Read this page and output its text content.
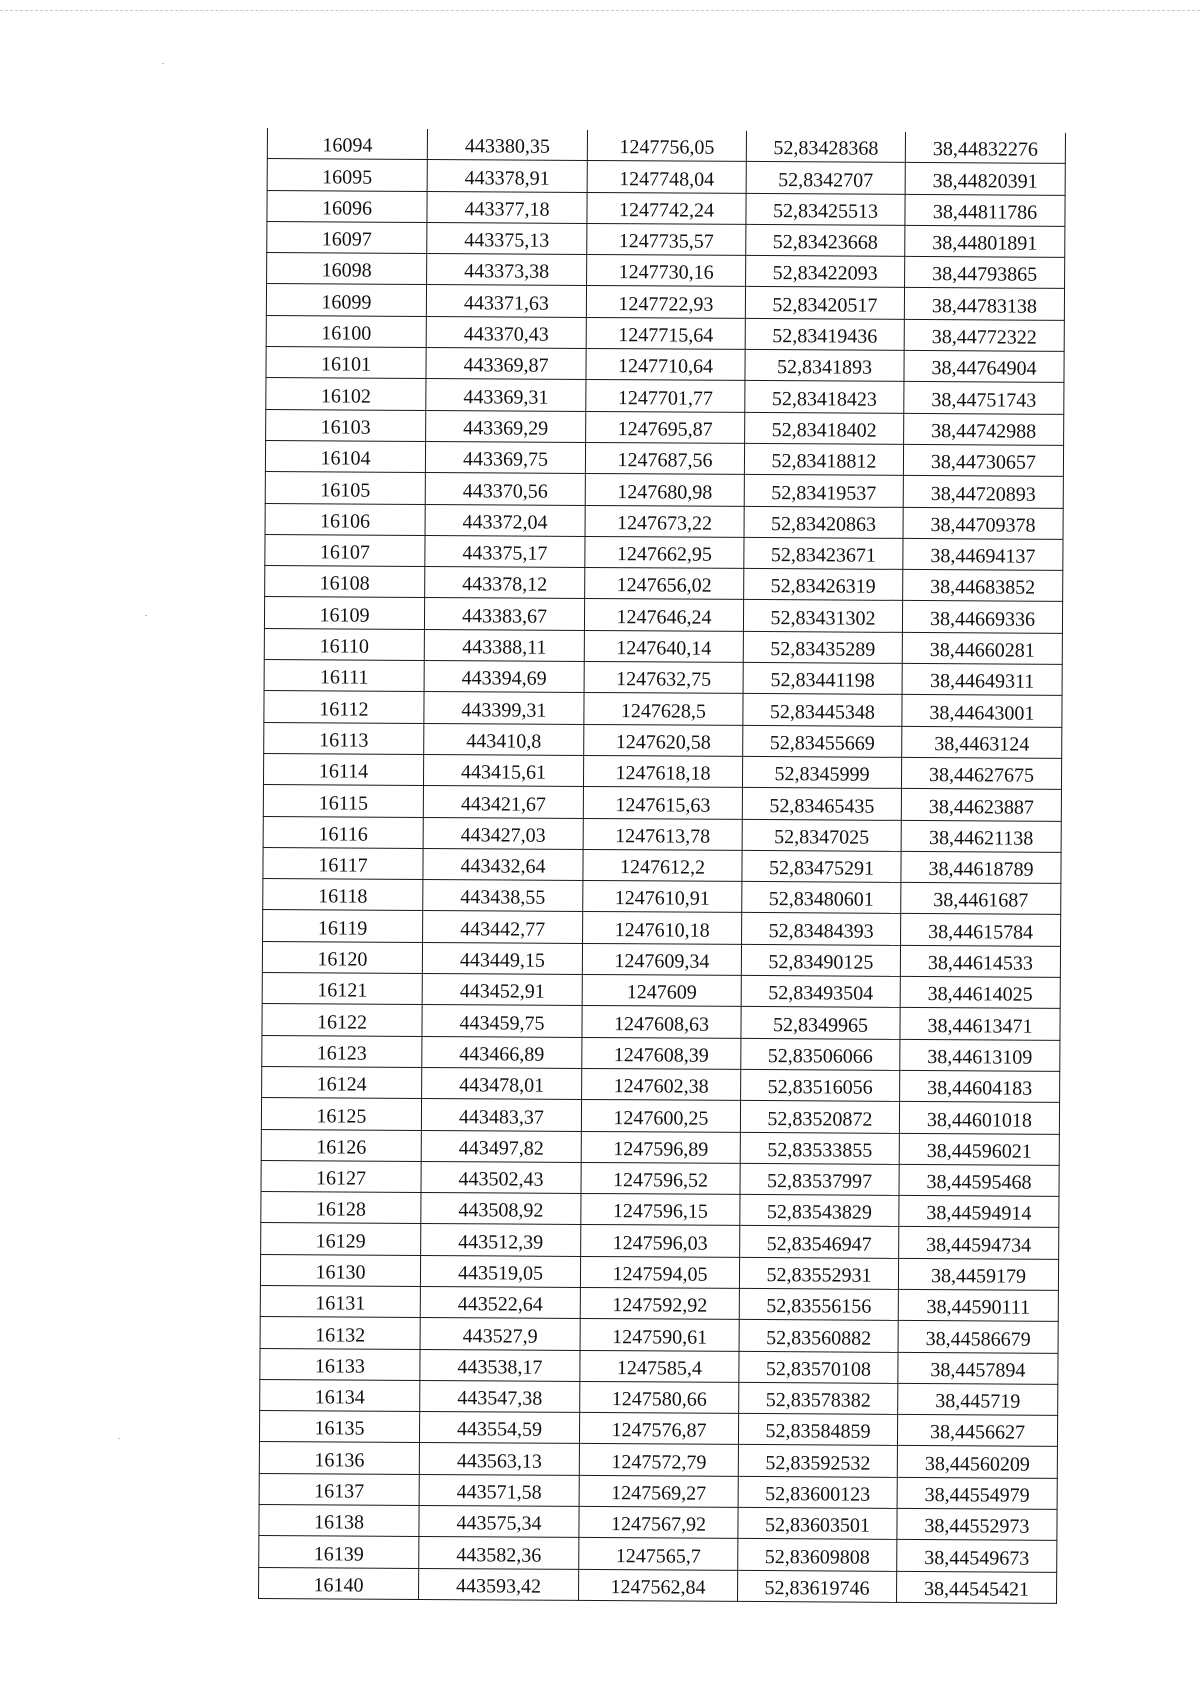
16094	443380,35	1247756,05	52,83428368	38,44832276
16095	443378,91	1247748,04	52,8342707	38,44820391
16096	443377,18	1247742,24	52,83425513	38,44811786
16097	443375,13	1247735,57	52,83423668	38,44801891
16098	443373,38	1247730,16	52,83422093	38,44793865
16099	443371,63	1247722,93	52,83420517	38,44783138
16100	443370,43	1247715,64	52,83419436	38,44772322
16101	443369,87	1247710,64	52,8341893	38,44764904
16102	443369,31	1247701,77	52,83418423	38,44751743
16103	443369,29	1247695,87	52,83418402	38,44742988
16104	443369,75	1247687,56	52,83418812	38,44730657
16105	443370,56	1247680,98	52,83419537	38,44720893
16106	443372,04	1247673,22	52,83420863	38,44709378
16107	443375,17	1247662,95	52,83423671	38,44694137
16108	443378,12	1247656,02	52,83426319	38,44683852
16109	443383,67	1247646,24	52,83431302	38,44669336
16110	443388,11	1247640,14	52,83435289	38,44660281
16111	443394,69	1247632,75	52,83441198	38,44649311
16112	443399,31	1247628,5	52,83445348	38,44643001
16113	443410,8	1247620,58	52,83455669	38,4463124
16114	443415,61	1247618,18	52,8345999	38,44627675
16115	443421,67	1247615,63	52,83465435	38,44623887
16116	443427,03	1247613,78	52,8347025	38,44621138
16117	443432,64	1247612,2	52,83475291	38,44618789
16118	443438,55	1247610,91	52,83480601	38,4461687
16119	443442,77	1247610,18	52,83484393	38,44615784
16120	443449,15	1247609,34	52,83490125	38,44614533
16121	443452,91	1247609	52,83493504	38,44614025
16122	443459,75	1247608,63	52,8349965	38,44613471
16123	443466,89	1247608,39	52,83506066	38,44613109
16124	443478,01	1247602,38	52,83516056	38,44604183
16125	443483,37	1247600,25	52,83520872	38,44601018
16126	443497,82	1247596,89	52,83533855	38,44596021
16127	443502,43	1247596,52	52,83537997	38,44595468
16128	443508,92	1247596,15	52,83543829	38,44594914
16129	443512,39	1247596,03	52,83546947	38,44594734
16130	443519,05	1247594,05	52,83552931	38,4459179
16131	443522,64	1247592,92	52,83556156	38,44590111
16132	443527,9	1247590,61	52,83560882	38,44586679
16133	443538,17	1247585,4	52,83570108	38,4457894
16134	443547,38	1247580,66	52,83578382	38,445719
16135	443554,59	1247576,87	52,83584859	38,4456627
16136	443563,13	1247572,79	52,83592532	38,44560209
16137	443571,58	1247569,27	52,83600123	38,44554979
16138	443575,34	1247567,92	52,83603501	38,44552973
16139	443582,36	1247565,7	52,83609808	38,44549673
16140	443593,42	1247562,84	52,83619746	38,44545421
